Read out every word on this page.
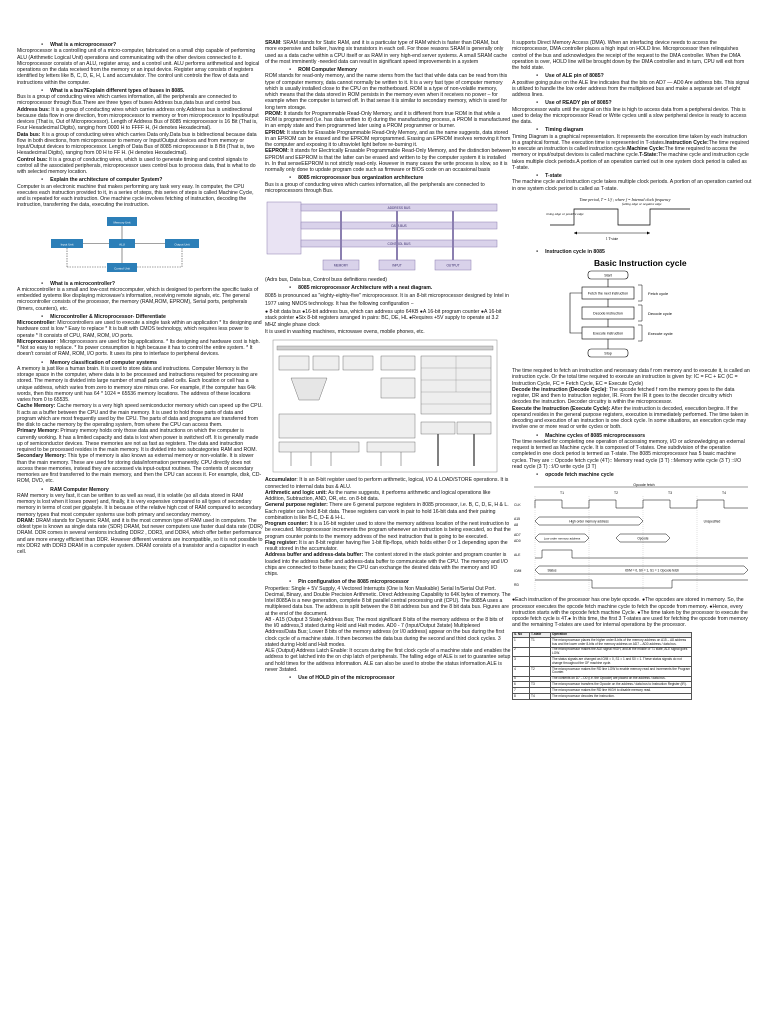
● What is a microprocessor?

Microprocessor is a controlling unit of a micro-computer, fabricated on a small chip capable of performing ALU (Arithmetic Logical Unit) operations and communicating with the other devices connected to it. Microprocessor consists of an ALU, register array, and a control unit. ALU performs arithmetical and logical operations on the data received from the memory or an input device. Register array consists of registers identified by letters like B, C, D, E, H, L and accumulator. The control unit controls the flow of data and instructions within the computer.

● What is a bus?Explain different types of buses in 8085.

Bus is a group of conducting wires which carries information, all the peripherals are connected to microprocessor through Bus.There are three types of buses Address bus,data bus and control bus.

Address bus: It is a group of conducting wires which carries address only.Address bus is unidirectional because data flow in one direction, from microprocessor to memory or from microprocessor to Input/output devices (That is, Out of Microprocessor). Length of Address Bus of 8085 microprocessor is 16 Bit (That is, Four Hexadecimal Digits), ranging from 0000 H to FFFF H, (H denotes Hexadecimal).

Data bus: It is a group of conducting wires which carries Data only.Data bus is bidirectional because data flow in both directions, from microprocessor to memory or Input/Output devices and from memory or Input/Output devices to microprocessor. Length of Data Bus of 8085 microprocessor is 8 Bit (That is, two Hexadecimal Digits), ranging from 00 H to FF H. (H denotes Hexadecimal).

Control bus: It is a group of conducting wires, which is used to generate timing and control signals to control all the associated peripherals, microprocessor uses control bus to process data, that is what to do with selected memory location.

● Explain the architecture of computer System?

Computer is an electronic machine that makes performing any task very easy. In computer, the CPU executes each instruction provided to it, in a series of steps, this series of steps is called Machine Cycle, and is repeated for each instruction. One machine cycle involves fetching of instruction, decoding the instruction, transferring the data, executing the instruction.

Memory Unit
Input Unit	ALU	Output Unit
Control Unit
● What is a microcontroller?

A microcontroller is a small and low-cost microcomputer, which is designed to perform the specific tasks of embedded systems like displaying microwave's information, receiving remote signals, etc. The general microcontroller consists of the processor, the memory (RAM,ROM, EPROM), Serial ports, peripherals (timers, counters), etc.

● Microcontroller & Microprocessor- Differentiate

Microcontroller: Microcontrollers are used to execute a single task within an application * Its designing and hardware cost is low * Easy to replace * It is built with CMOS technology, which requires less power to operate * It consists of CPU, RAM, ROM, I/O ports.

Microprocessor : Microprocessors are used for big applications. * Its designing and hardware cost is high. * Not so easy to replace. * Its power consumption is high because it has to control the entire system. * It doesn't consist of RAM, ROM, I/O ports. It uses its pins to interface to peripheral devices.

● Memory classification of computer systems

A memory is just like a human brain. It is used to store data and instructions. Computer Memory is the storage space in the computer, where data is to be processed and instructions required for processing are stored. The memory is divided into large number of small parts called cells. Each location or cell has a unique address, which varies from zero to memory size minus one. For example, if the computer has 64k words, then this memory unit has 64 * 1024 = 65536 memory locations. The address of these locations varies from 0 to 65535.

Cache Memory: Cache memory is a very high speed semiconductor memory which can speed up the CPU. It acts as a buffer between the CPU and the main memory. It is used to hold those parts of data and program which are most frequently used by the CPU. The parts of data and programs are transferred from the disk to cache memory by the operating system, from where the CPU can access them.

Primary Memory: Primary memory holds only those data and instructions on which the computer is currently working. It has a limited capacity and data is lost when power is switched off. It is generally made up of semiconductor devices. These memories are not as fast as registers. The data and instruction required to be processed resides in the main memory. It is divided into two subcategories RAM and ROM.

Secondary Memory: This type of memory is also known as external memory or non-volatile. It is slower than the main memory. These are used for storing data/information permanently. CPU directly does not access these memories, instead they are accessed via input-output routines. The contents of secondary memories are first transferred to the main memory, and then the CPU can access it. For example, disk, CD-ROM, DVD, etc.

● RAM Computer Memory

RAM memory is very fast, it can be written to as well as read, it is volatile (so all data stored in RAM memory is lost when it loses power) and, finally, it is very expensive compared to all types of secondary memory in terms of cost per gigabyte. It is because of the relative high cost of RAM compared to secondary memory types that most computer systems use both primary and secondary memory.

DRAM: DRAM stands for Dynamic RAM, and it is the most common type of RAM used in computers. The oldest type is known as single data rate (SDR) DRAM, but newer computers use faster dual data rate (DDR) DRAM. DDR comes in several versions including DDR2 , DDR3, and DDR4, which offer better performance and are more energy efficient than DDR. However different versions are incompatible, so it is not possible to mix DDR2 with DDR3 DRAM in a computer system. DRAM consists of a transistor and a capacitor in each cell.

SRAM: SRAM stands for Static RAM, and it is a particular type of RAM which is faster than DRAM, but more expensive and bulker, having six transistors in each cell. For those reasons SRAM is generally only used as a data cache within a CPU itself or as RAM in very high-end server systems. A small SRAM cache of the most imminently -needed data can result in significant speed improvements in a system

● ROM Computer Memory

ROM stands for read-only memory, and the name stems from the fact that while data can be read from this type of computer memory, data cannot normally be written to it. It is a very fast type of computer memory which is usually installed close to the CPU on the motherboard. ROM is a type of non-volatile memory, which means that the data stored in ROM persists in the memory even when it receives no power – for example when the computer is turned off. In that sense it is similar to secondary memory, which is used for long term storage.

PROM: It stands for Programmable Read-Only Memory, and it is different from true ROM in that while a ROM is programmed (i.e. has data written to it) during the manufacturing process, a PROM is manufactured in an empty state and then programmed later using a PROM programmer or burner.

EPROM: It stands for Erasable Programmable Read-Only Memory, and as the name suggests, data stored in an EPROM can be erased and the EPROM reprogrammed. Erasing an EPROM involves removing it from the computer and exposing it to ultraviolet light before re-burning it.

EEPROM: It stands for Electrically Erasable Programmable Read-Only Memory, and the distinction between EPROM and EEPROM is that the latter can be erased and written to by the computer system it is installed in. In that senseEEPROM is not strictly read-only. However in many cases the write process is slow, so it is normally only done to update program code such as firmware or BIOS code on an occasional basis

● 8085 microprocessor bus organization architecture

Bus is a group of conducting wires which carries information, all the peripherals are connected to microprocessors through Bus.

ADDRESS BUS
DATA BUS
CONTROL BUS
MEMORY	INPUT	OUTPUT

(Adrs bus, Data bus, Control buss definitions needed)

● 8085 microprocessor Architecture with a neat diagram.

8085 is pronounced as "eighty-eighty-five" microprocessor. It is an 8-bit microprocessor designed by Intel in 1977 using NMOS technology. It has the following configuration −

● 8-bit data bus ●16-bit address bus, which can address upto 64KB ●A 16-bit program counter ●A 16-bit stack pointer ●Six 8-bit registers arranged in pairs: BC, DE, HL ●Requires +5V supply to operate at 3.2 MHZ single phase clock

It is used in washing machines, microwave ovens, mobile phones, etc.

Accumulator: It is an 8-bit register used to perform arithmetic, logical, I/O & LOAD/STORE operations. It is connected to internal data bus & ALU.

Arithmetic and logic unit: As the name suggests, it performs arithmetic and logical operations like Addition, Subtraction, AND, OR, etc. on 8-bit data.

General purpose register: There are 6 general purpose registers in 8085 processor, i.e. B, C, D, E, H & L. Each register can hold 8-bit data. These registers can work in pair to hold 16-bit data and their pairing combination is like B-C, D-E & H-L.

Program counter: It is a 16-bit register used to store the memory address location of the next instruction to be executed. Microprocessor increments the program whenever an instruction is being executed, so that the program counter points to the memory address of the next instruction that is going to be executed.

Flag register: It is an 8-bit register having five 1-bit flip-flops, which holds either 0 or 1 depending upon the result stored in the accumulator.

Address buffer and address-data buffer: The content stored in the stack pointer and program counter is loaded into the address buffer and address-data buffer to communicate with the CPU. The memory and I/O chips are connected to these buses; the CPU can exchange the desired data with the memory and I/O chips.

● Pin configuration of the 8085 microprocessor

Properties: Single + 5V Supply, 4 Vectored Interrupts (One is Non Maskable) Serial In/Serial Out Port. Decimal, Binary, and Double Precision Arithmetic. Direct Addressing Capability to 64K bytes of memory. The Intel 8085A is a new generation, complete 8 bit parallel central processing unit (CPU). The 8085A uses a multiplexed data bus. The address is split between the 8 bit address bus and the 8 bit data bus. Figures are at the end of the document.

A8 - A15 (Output 3 State) Address Bus; The most significant 8 bits of the memory address or the 8 bits of the I/0 address,3 stated during Hold and Halt modes. AD0 - 7 (Input/Output 3state) Multiplexed Address/Data Bus; Lower 8 bits of the memory address (or I/0 address) appear on the bus during the first clock cycle of a machine state. It then becomes the data bus during the second and third clock cycles. 3 stated during Hold and Halt modes.

ALE (Output) Address Latch Enable: It occurs during the first clock cycle of a machine state and enables the address to get latched into the on chip latch of peripherals. The falling edge of ALE is set to guarantee setup and hold times for the address information. ALE can also be used to strobe the status information.ALE is never 3stated.

● Use of HOLD pin of the microprocessor

It supports Direct Memory Access (DMA). When an interfacing device needs to access the microprocessor, DMA controller places a high input on HOLD line. Microprocessor then relinquishes control of the bus and acknowledges the receipt of the request to the DMA controller. When the DMA operation is over, HOLD line will be brought down by the DMA controller and in turn, CPU will exit from the hold state.

● Use of ALE pin of 8085?

A positive going pulse on the ALE line indicates that the bits on AD7 — AD0 Are address bits. This signal is utilized to handle the low order address from the multiplexed bus and make a separate set of eight address lines.

● Use of READY pin of 8085?

Microprocessor waits until the signal on this line is high to access data from a peripheral device. This is used to delay the microprocessor Read or Write cycles until a slow peripheral device is ready to access the data.

● Timing diagram

Timing Diagram is a graphical representation. It represents the execution time taken by each instruction in a graphical format. The execution time is represented in T-states.Instruction Cycle:The time required to execute an instruction is called instruction cycle.Machine Cycle:The time required to access the memory or input/output devices is called machine cycle.T-State:The machine cycle and instruction cycle takes multiple clock periods.A portion of an operation carried out in one system clock period is called as T-state.

● T-state

The machine cycle and instruction cycle takes multiple clock periods. A portion of an operation carried out in one system clock period is called as T-state.

Time period, T = 1/f ; where f = Internal clock frequency
rising edge or positive edge
falling edge or negative edge
1 T-state
● Instruction cycle in 8085
Basic Instruction cycle
Start
Fetch the next instruction
Decode instruction
Execute instruction
Stop
Fetch cycle
Decode cycle
Execute cycle

The time required to fetch an instruction and necessary data f rom memory and to execute it, is called an instruction cycle. Or the total time required to execute an instruction is given by: IC = FC + EC (IC = Instruction Cycle, FC = Fetch Cycle, EC = Execute Cycle)

Decode the instruction (Decode Cycle): The opcode fetched f rom the memory goes to the data register, DR and then to instruction register, IR. From the IR it goes to the decoder circuitry which decodes the instruction. Decoder circuitry is within the microprocessor.

Execute the Instruction (Execute Cycle): After the instruction is decoded, execution begins. If the operand resides in the general purpose registers, execution is immediately performed. The time taken in decoding and execution of an instruction is one clock cycle. In some situations, an execution cycle may involve one or more read or write cycles or both.

● Machine cycles of 8085 microprocessors

The time needed for completing one operation of accessing memory, I/O or acknowledging an external request is termed as Machine cycle. It is composed of T-states. One subdivision of the operation completed in one clock period is termed as T-state. The 8085 microprocessor has 5 basic machine cycles. They are :: Opcode fetch cycle (4T):: Memory read cycle (3 T) ::Memory write cycle (3 T) ::I/O read cycle (3 T) ::I/O write cycle (3 T)

● opcode fetch machine cycle
Opcode fetch
T1	T2	T3	T4
CLK
A15
A8
High order memory address	Unspecified
AD7
AD0
Low order memory address	Opcode
ALE
IO/M	Status	IO/M = 0, S0 = 1, S1 = 1 Opcode fetch
RD

●Each instruction of the processor has one byte opcode. ●The opcodes are stored in memory. So, the processor executes the opcode fetch machine cycle to fetch the opcode from memory. ●Hence, every instruction starts with the opcode fetch machine Cycle. ●The time taken by the processor to execute the opcode fetch cycle is 4T.● In this time, the first 3 T-states are used for fetching the opcode from memory and the remaining T-states are used for internal operations by the processor.

S. No	T-state	Operation
1	T1	The microprocessor places the higher order 8-bits of the memory address on A15 – A8 address bus and the lower order 8-bits of the memory address on AD7 – AD0 address / data bus.
2		The microprocessor makes the ALE signal HIGH, and at the middle of T1 state, ALE signal goes LOW.
3		The status signals are changed as IO/M = 0, S1 = 1 and S0 = 1. These status signals do not change throughout the OF machine cycle.
4	T2	The microprocessor makes the RD line LOW to enable memory read and increments the Program Counter.
5		The contents on D7 – D0 (i.e. the Opcode) are placed on the address / data bus.
6	T3	The microprocessor transfers the Opcode on the address / data bus to Instruction Register (IR).
7		The microprocessor makes the RD line HIGH to disable memory read.
8	T4	The microprocessor decodes the instruction.
